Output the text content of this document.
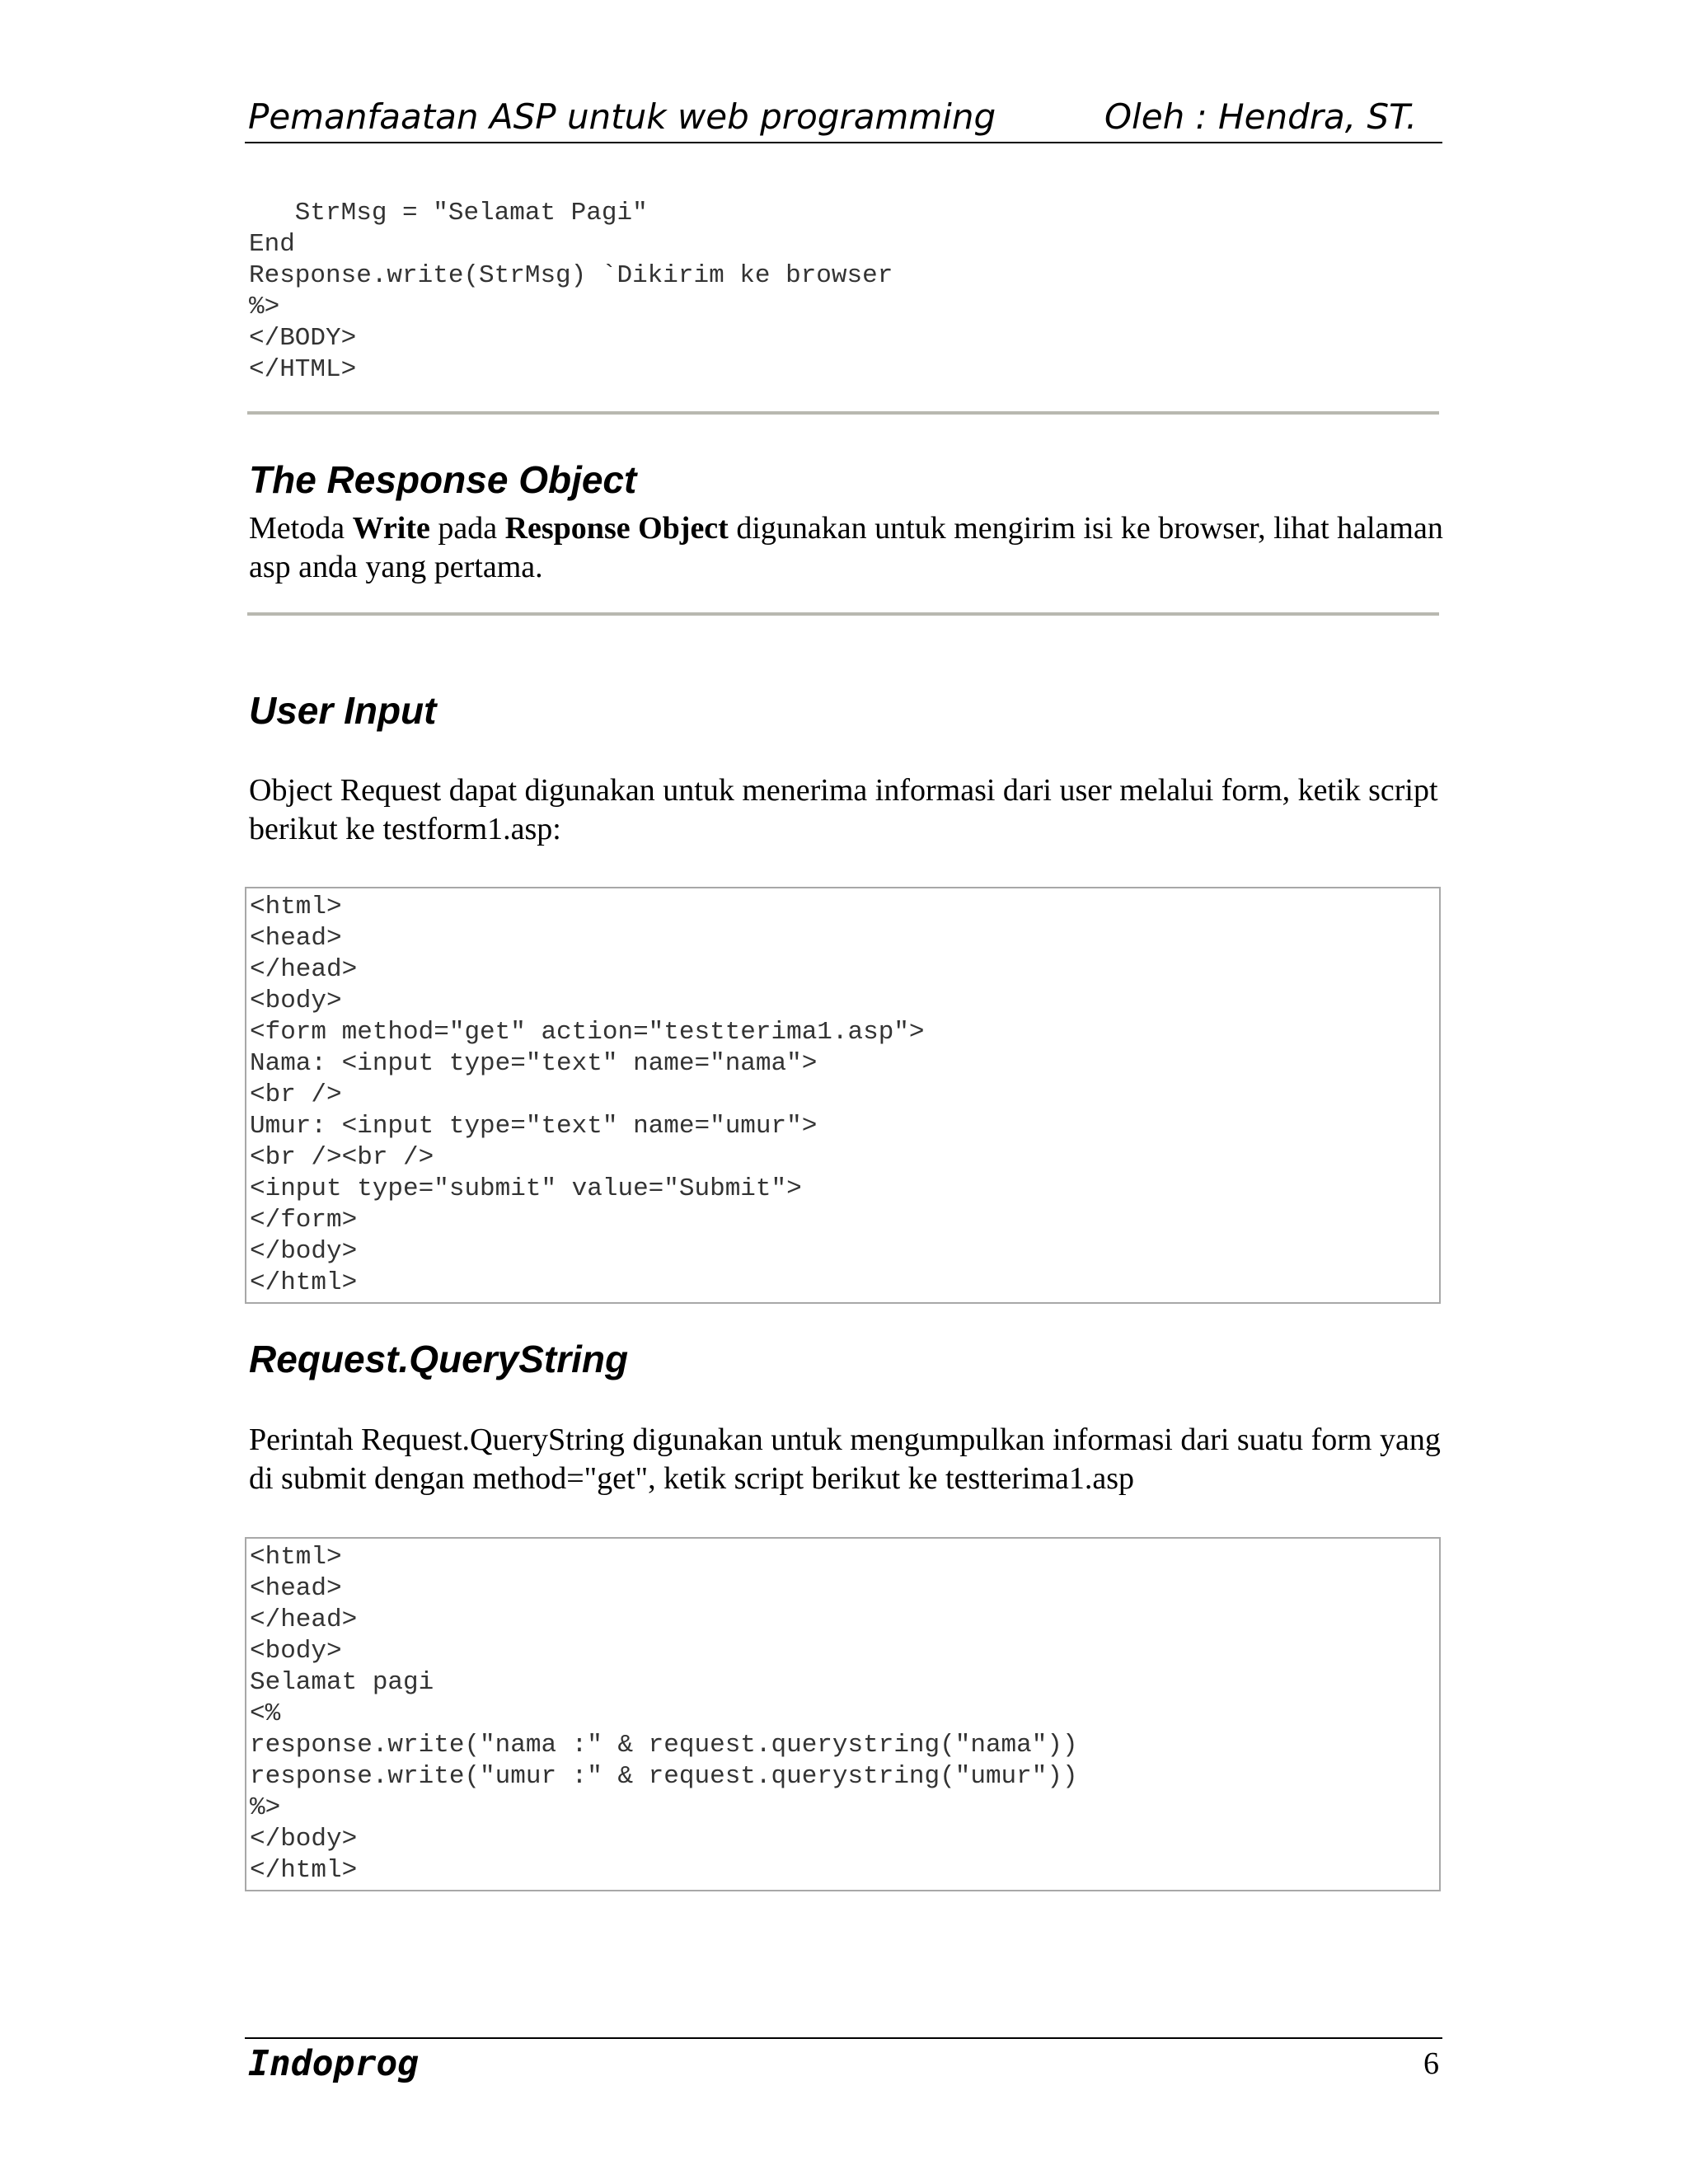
Pemanfaatan ASP untuk web programming	Oleh : Hendra, ST.
StrMsg = "Selamat Pagi"
End
Response.write(StrMsg) `Dikirim ke browser
%>
</BODY>
</HTML>
The Response Object

Metoda Write pada Response Object digunakan untuk mengirim isi ke browser, lihat halaman asp anda yang pertama.

User Input

Object Request dapat digunakan untuk menerima informasi dari user melalui form, ketik script berikut ke testform1.asp:

<html>
<head>
</head>
<body>
<form method="get" action="testterima1.asp">
Nama: <input type="text" name="nama">
<br />
Umur: <input type="text" name="umur">
<br /><br />
<input type="submit" value="Submit">
</form>
</body>
</html>
Request.QueryString

Perintah Request.QueryString digunakan untuk mengumpulkan informasi dari suatu form yang di submit dengan method="get", ketik script berikut ke testterima1.asp

<html>
<head>
</head>
<body>
Selamat pagi
<%
response.write("nama :" & request.querystring("nama"))
response.write("umur :" & request.querystring("umur"))
%>
</body>
</html>
Indoprog	6
